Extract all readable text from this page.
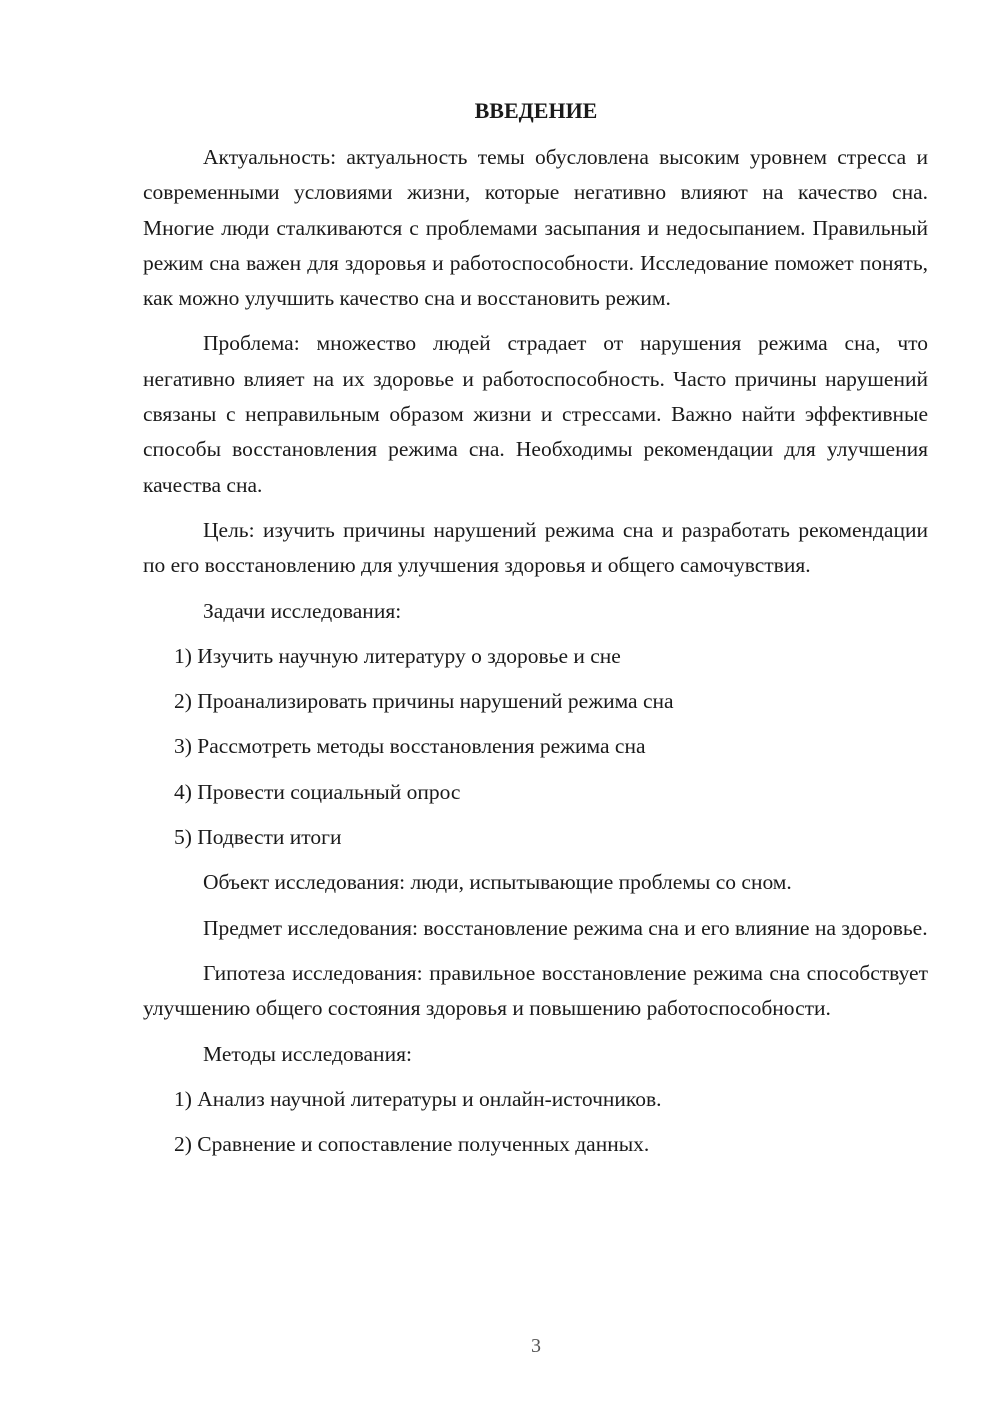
ВВЕДЕНИЕ

Актуальность: актуальность темы обусловлена высоким уровнем стресса и современными условиями жизни, которые негативно влияют на качество сна. Многие люди сталкиваются с проблемами засыпания и недосыпанием. Правильный режим сна важен для здоровья и работоспособности. Исследование поможет понять, как можно улучшить качество сна и восстановить режим.

Проблема: множество людей страдает от нарушения режима сна, что негативно влияет на их здоровье и работоспособность. Часто причины нарушений связаны с неправильным образом жизни и стрессами. Важно найти эффективные способы восстановления режима сна. Необходимы рекомендации для улучшения качества сна.

Цель: изучить причины нарушений режима сна и разработать рекомендации по его восстановлению для улучшения здоровья и общего самочувствия.

Задачи исследования:

1) Изучить научную литературу о здоровье и сне
2) Проанализировать причины нарушений режима сна
3) Рассмотреть методы восстановления режима сна
4) Провести социальный опрос
5) Подвести итоги

Объект исследования: люди, испытывающие проблемы со сном.

Предмет исследования: восстановление режима сна и его влияние на здоровье.

Гипотеза исследования: правильное восстановление режима сна способствует улучшению общего состояния здоровья и повышению работоспособности.

Методы исследования:

1) Анализ научной литературы и онлайн-источников.
2) Сравнение и сопоставление полученных данных.
3
